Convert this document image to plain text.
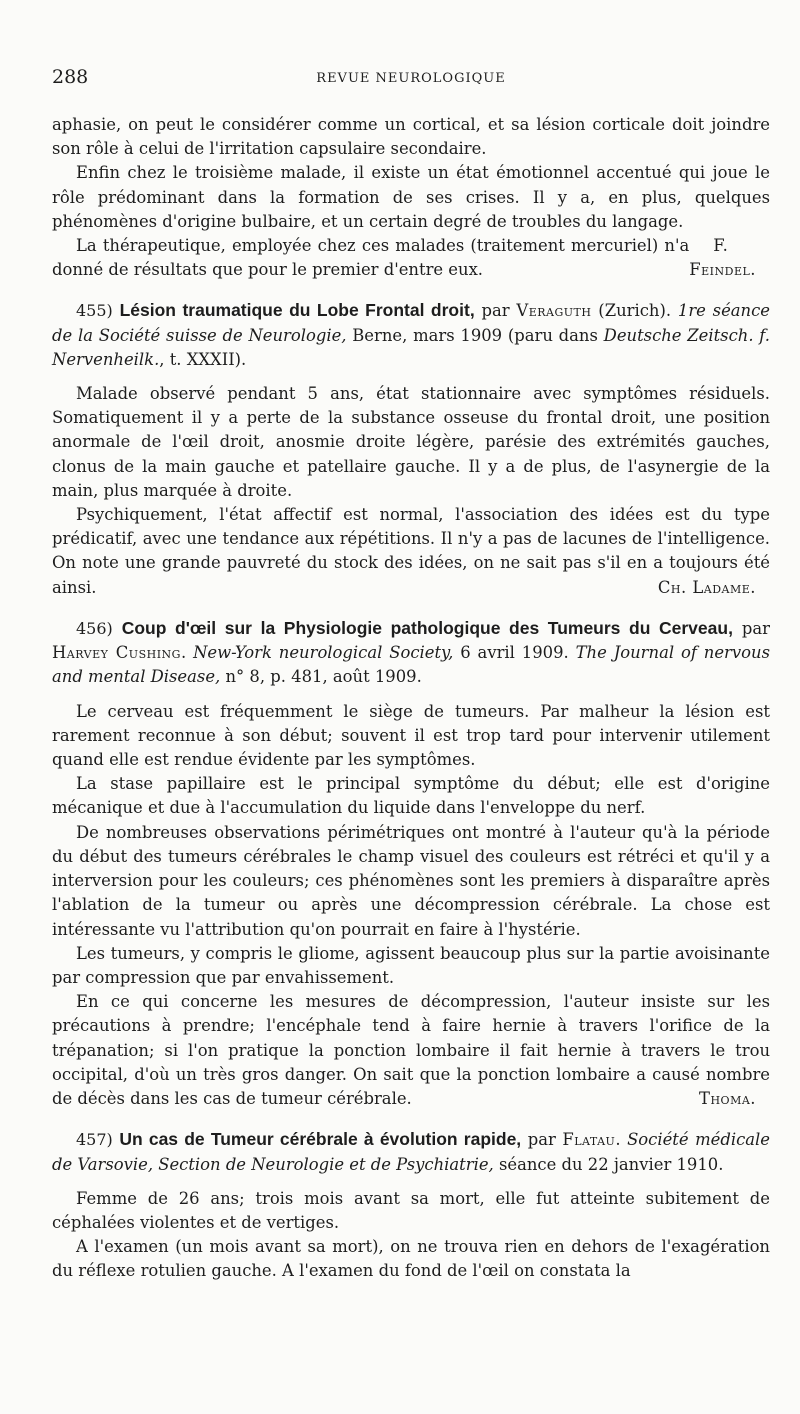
288	REVUE NEUROLOGIQUE

aphasie, on peut le considérer comme un cortical, et sa lésion corticale doit joindre son rôle à celui de l'irritation capsulaire secondaire.

Enfin chez le troisième malade, il existe un état émotionnel accentué qui joue le rôle prédominant dans la formation de ses crises. Il y a, en plus, quelques phénomènes d'origine bulbaire, et un certain degré de troubles du langage.

La thérapeutique, employée chez ces malades (traitement mercuriel) n'a donné de résultats que pour le premier d'entre eux.
F. Feindel.

455) Lésion traumatique du Lobe Frontal droit, par Veraguth (Zurich). 1re séance de la Société suisse de Neurologie, Berne, mars 1909 (paru dans Deutsche Zeitsch. f. Nervenheilk., t. XXXII).

Malade observé pendant 5 ans, état stationnaire avec symptômes résiduels. Somatiquement il y a perte de la substance osseuse du frontal droit, une position anormale de l'œil droit, anosmie droite légère, parésie des extrémités gauches, clonus de la main gauche et patellaire gauche. Il y a de plus, de l'asynergie de la main, plus marquée à droite.

Psychiquement, l'état affectif est normal, l'association des idées est du type prédicatif, avec une tendance aux répétitions. Il n'y a pas de lacunes de l'intelligence. On note une grande pauvreté du stock des idées, on ne sait pas s'il en a toujours été ainsi.	Ch. Ladame.

456) Coup d'œil sur la Physiologie pathologique des Tumeurs du Cerveau, par Harvey Cushing. New-York neurological Society, 6 avril 1909. The Journal of nervous and mental Disease, n° 8, p. 481, août 1909.

Le cerveau est fréquemment le siège de tumeurs. Par malheur la lésion est rarement reconnue à son début; souvent il est trop tard pour intervenir utilement quand elle est rendue évidente par les symptômes.

La stase papillaire est le principal symptôme du début; elle est d'origine mécanique et due à l'accumulation du liquide dans l'enveloppe du nerf.

De nombreuses observations périmétriques ont montré à l'auteur qu'à la période du début des tumeurs cérébrales le champ visuel des couleurs est rétréci et qu'il y a interversion pour les couleurs; ces phénomènes sont les premiers à disparaître après l'ablation de la tumeur ou après une décompression cérébrale. La chose est intéressante vu l'attribution qu'on pourrait en faire à l'hystérie.

Les tumeurs, y compris le gliome, agissent beaucoup plus sur la partie avoisinante par compression que par envahissement.

En ce qui concerne les mesures de décompression, l'auteur insiste sur les précautions à prendre; l'encéphale tend à faire hernie à travers l'orifice de la trépanation; si l'on pratique la ponction lombaire il fait hernie à travers le trou occipital, d'où un très gros danger. On sait que la ponction lombaire a causé nombre de décès dans les cas de tumeur cérébrale.	Thoma.

457) Un cas de Tumeur cérébrale à évolution rapide, par Flatau. Société médicale de Varsovie, Section de Neurologie et de Psychiatrie, séance du 22 janvier 1910.

Femme de 26 ans; trois mois avant sa mort, elle fut atteinte subitement de céphalées violentes et de vertiges.

A l'examen (un mois avant sa mort), on ne trouva rien en dehors de l'exagération du réflexe rotulien gauche. A l'examen du fond de l'œil on constata la
